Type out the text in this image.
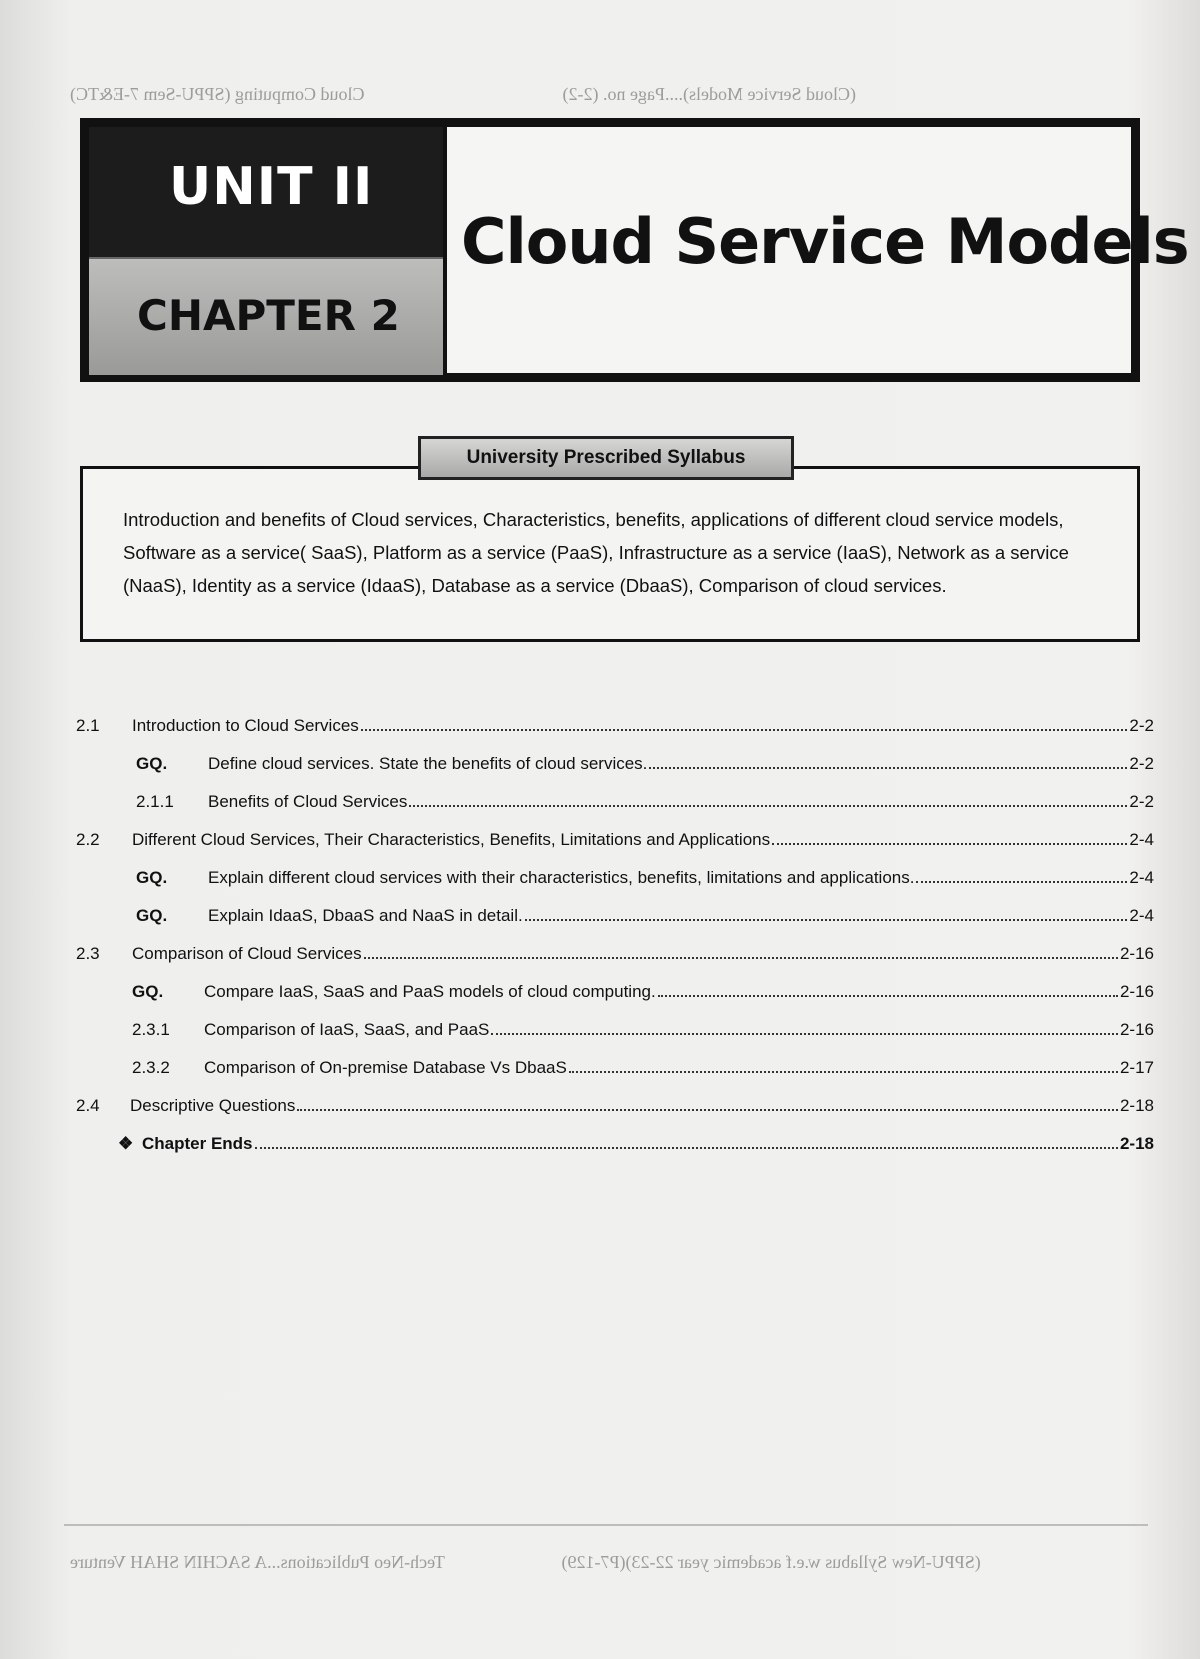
(Cloud Service Models)....Page no. (2-2)                                            Cloud Computing (SPPU-Sem 7-E&TC)
UNIT II
CHAPTER 2
Cloud Service Models
University Prescribed Syllabus
Introduction and benefits of Cloud services, Characteristics, benefits, applications of different cloud service models, Software as a service( SaaS), Platform as a service (PaaS), Infrastructure as a service (IaaS), Network as a service (NaaS), Identity as a service (IdaaS), Database as a service (DbaaS), Comparison of cloud services.
2.1	Introduction to Cloud Services	2-2
GQ.	Define cloud services. State the benefits of cloud services.	2-2
2.1.1	Benefits of Cloud Services	2-2
2.2	Different Cloud Services, Their Characteristics, Benefits, Limitations and Applications	2-4
GQ.	Explain different cloud services with their characteristics, benefits, limitations and applications.	2-4
GQ.	Explain IdaaS, DbaaS and NaaS in detail.	2-4
2.3	Comparison of Cloud Services	2-16
GQ.	Compare IaaS, SaaS and PaaS models of cloud computing.	2-16
2.3.1	Comparison of IaaS, SaaS, and PaaS	2-16
2.3.2	Comparison of On-premise Database Vs DbaaS	2-17
2.4	Descriptive Questions	2-18
❖ Chapter Ends	2-18
(SPPU-New Syllabus w.e.f academic year 22-23)(P7-129)                          Tech-Neo Publications...A SACHIN SHAH Venture
